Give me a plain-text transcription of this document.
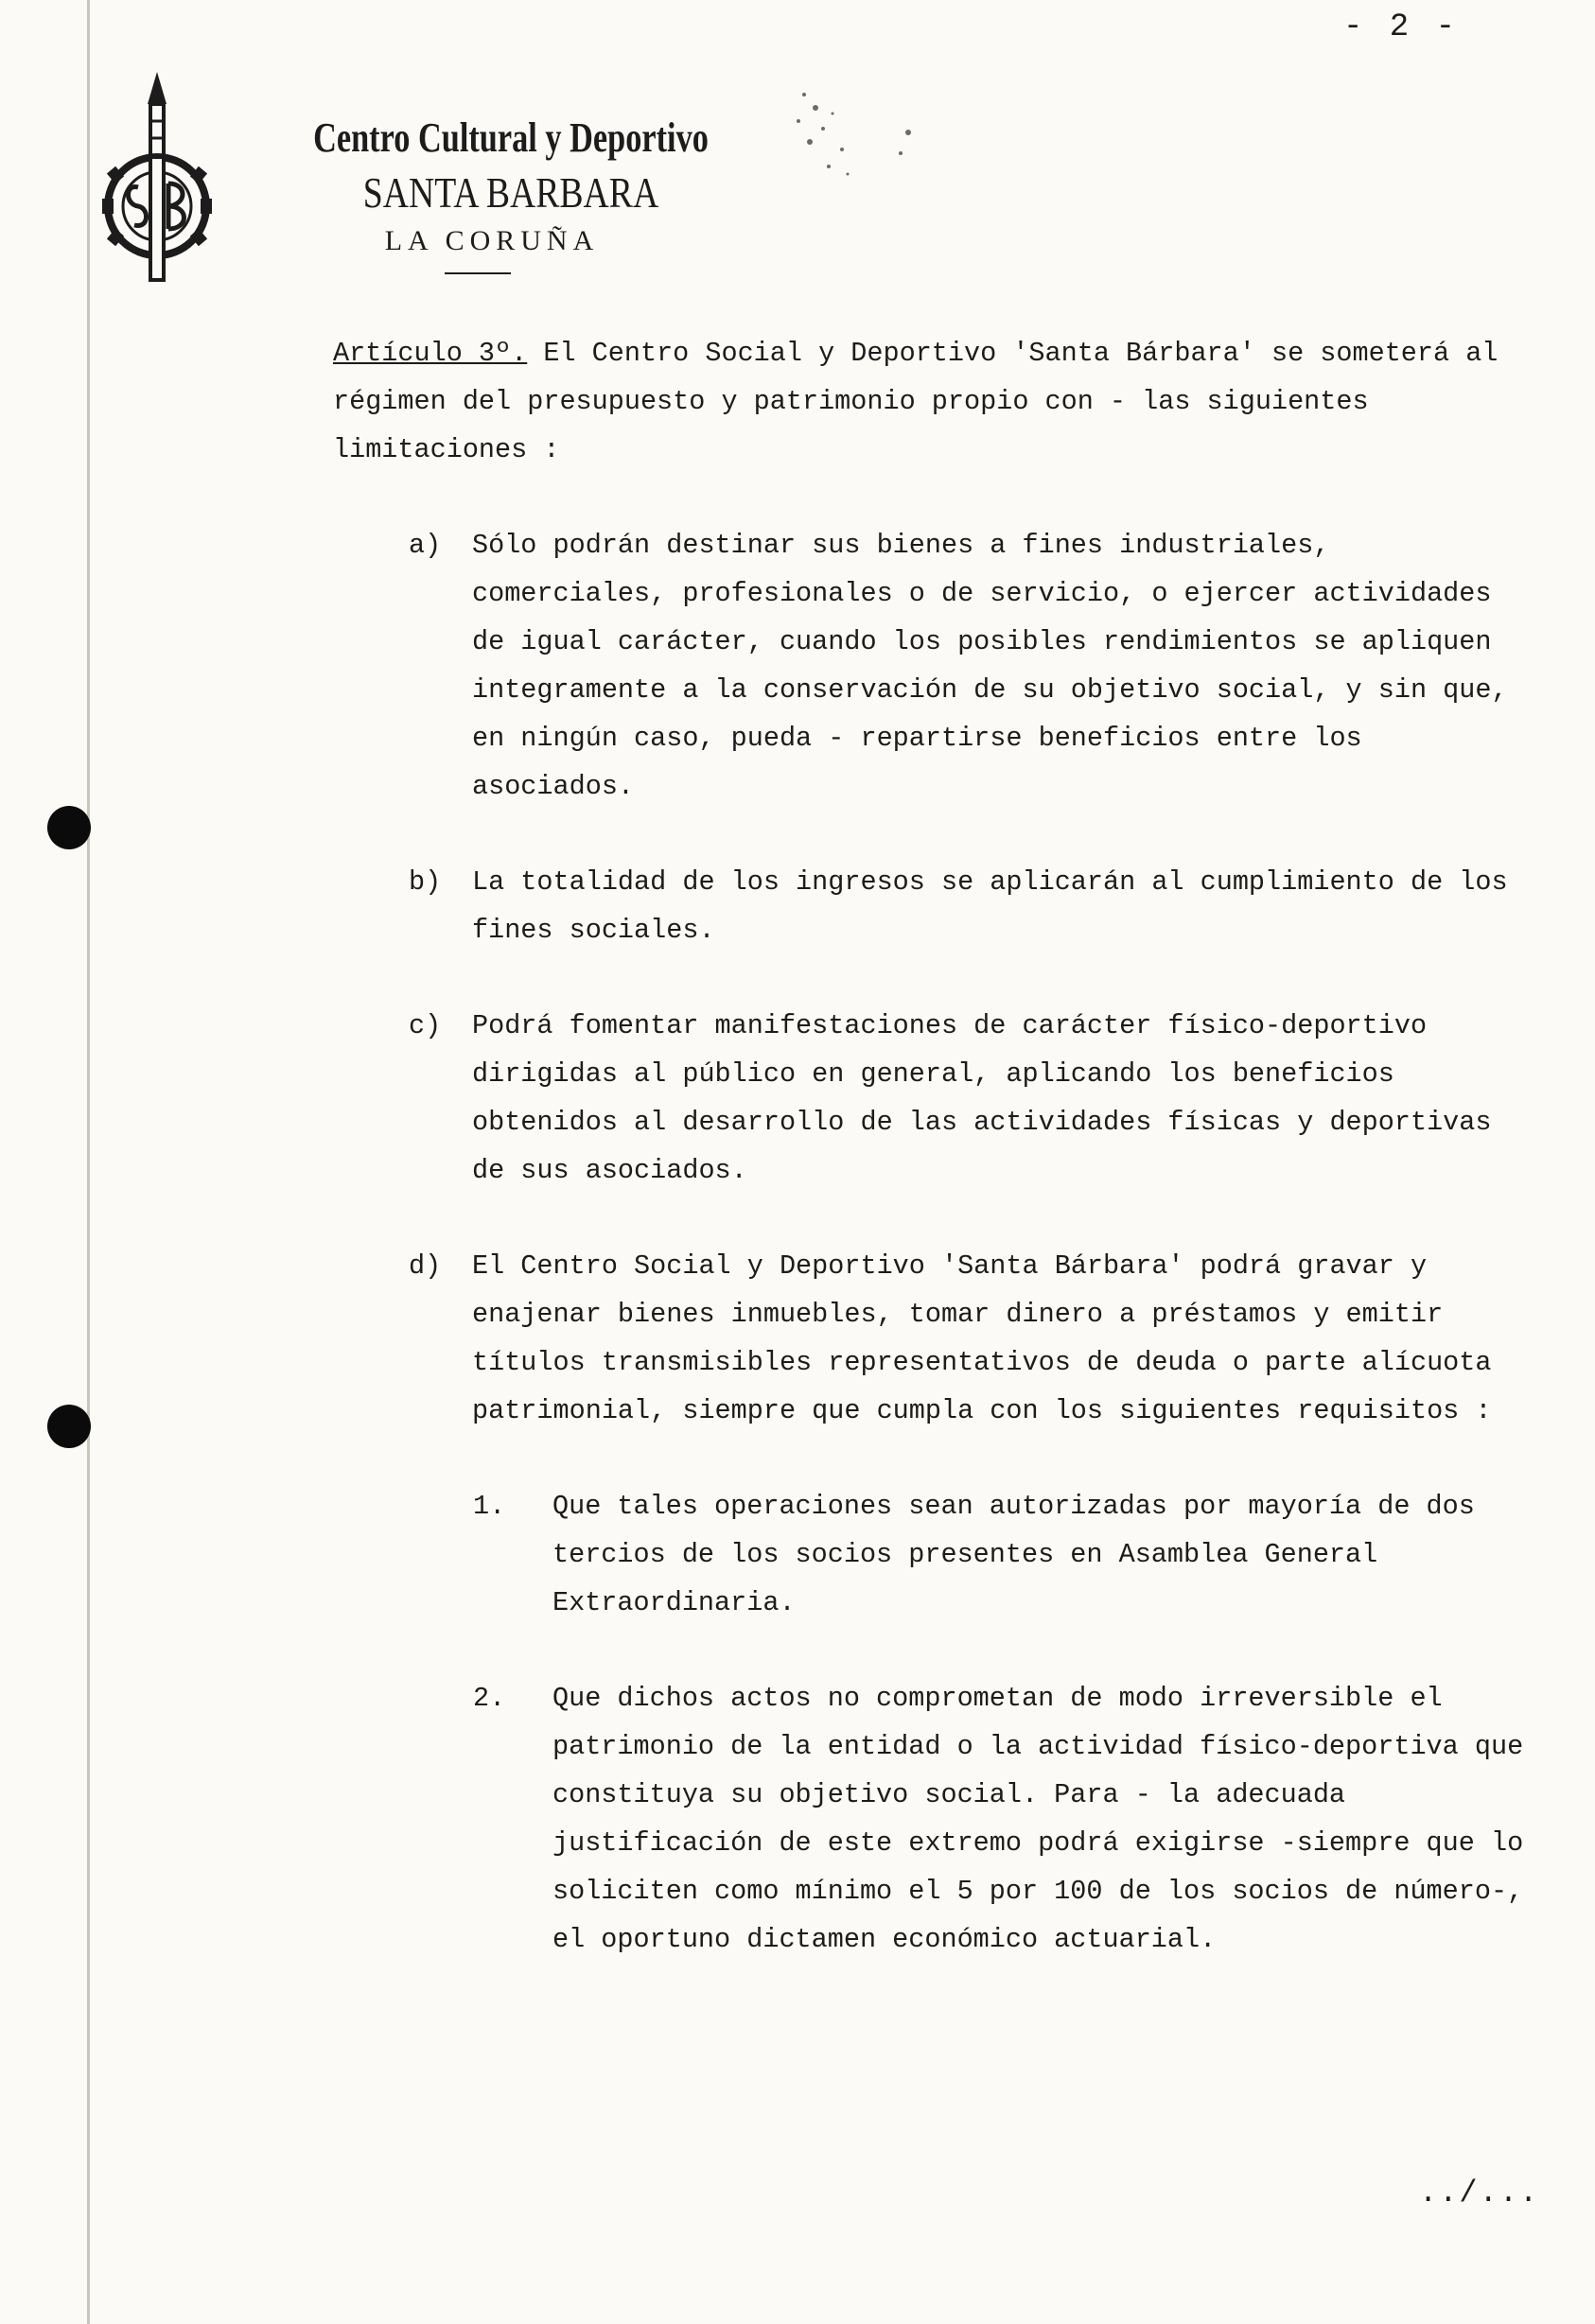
- 2 -
Centro Cultural y Deportivo
SANTA BARBARA
LA CORUÑA

Artículo 3º. El Centro Social y Deportivo 'Santa Bárbara' se someterá al régimen del presupuesto y patrimonio propio con - las siguientes limitaciones :

a) Sólo podrán destinar sus bienes a fines industriales, comerciales, profesionales o de servicio, o ejercer actividades de igual carácter, cuando los posibles rendimientos se apliquen integramente a la conservación de su objetivo social, y sin que, en ningún caso, pueda - repartirse beneficios entre los asociados.
b) La totalidad de los ingresos se aplicarán al cumplimiento de los fines sociales.
c) Podrá fomentar manifestaciones de carácter físico-deportivo dirigidas al público en general, aplicando los beneficios obtenidos al desarrollo de las actividades físicas y deportivas de sus asociados.
d) El Centro Social y Deportivo 'Santa Bárbara' podrá gravar y enajenar bienes inmuebles, tomar dinero a préstamos y emitir títulos transmisibles representativos de deuda o parte alícuota patrimonial, siempre que cumpla con los siguientes requisitos :
1. Que tales operaciones sean autorizadas por mayoría de dos tercios de los socios presentes en Asamblea General Extraordinaria.
2. Que dichos actos no comprometan de modo irreversible el patrimonio de la entidad o la actividad físico-deportiva que constituya su objetivo social. Para - la adecuada justificación de este extremo podrá exigirse -siempre que lo soliciten como mínimo el 5 por 100 de los socios de número-, el oportuno dictamen económico actuarial.
../...
